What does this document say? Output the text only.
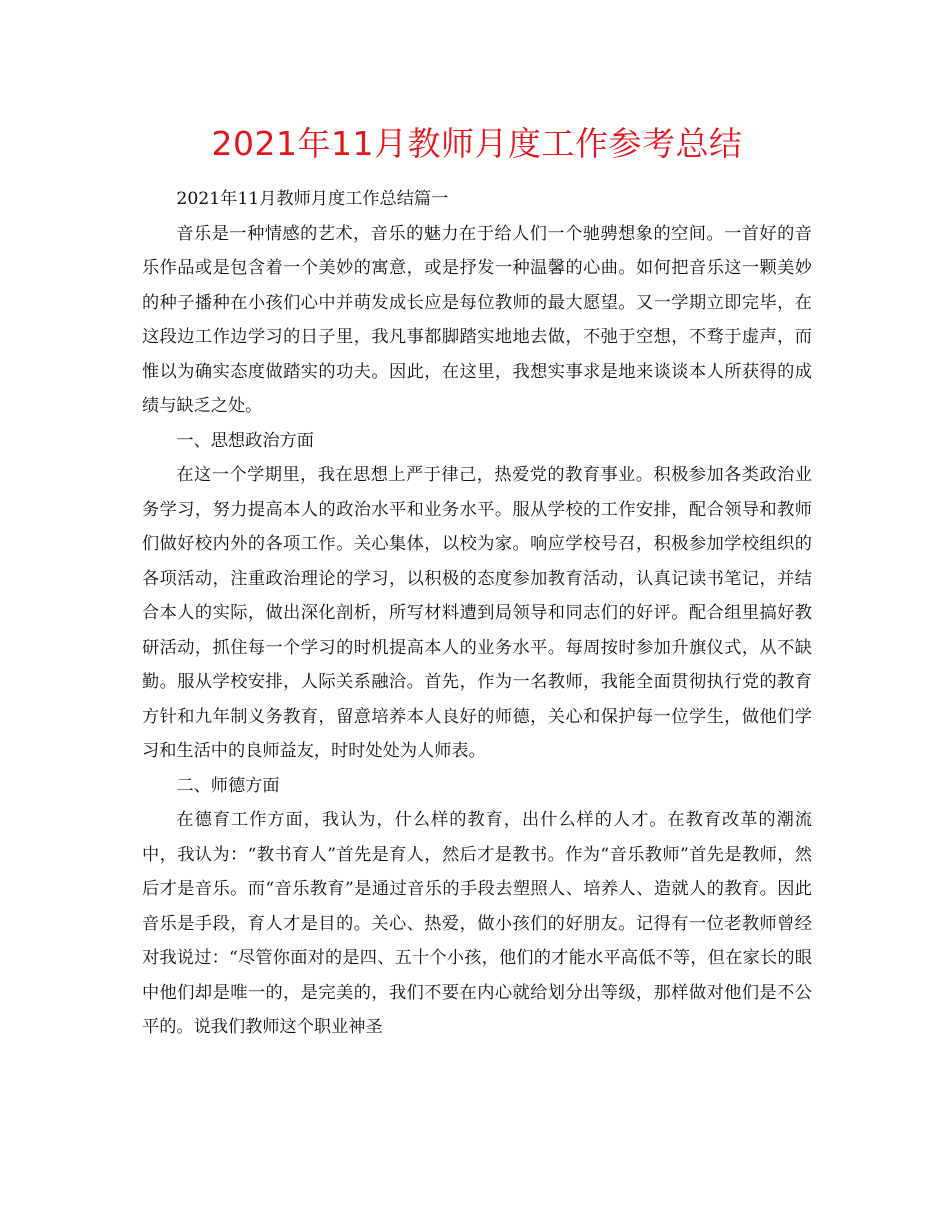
2021年11月教师月度工作参考总结

2021年11月教师月度工作总结篇一

音乐是一种情感的艺术，音乐的魅力在于给人们一个驰骋想象的空间。一首好的音乐作品或是包含着一个美妙的寓意，或是抒发一种温馨的心曲。如何把音乐这一颗美妙的种子播种在小孩们心中并萌发成长应是每位教师的最大愿望。又一学期立即完毕，在这段边工作边学习的日子里，我凡事都脚踏实地地去做，不弛于空想，不骛于虚声，而惟以为确实态度做踏实的功夫。因此，在这里，我想实事求是地来谈谈本人所获得的成绩与缺乏之处。

一、思想政治方面

在这一个学期里，我在思想上严于律己，热爱党的教育事业。积极参加各类政治业务学习，努力提高本人的政治水平和业务水平。服从学校的工作安排，配合领导和教师们做好校内外的各项工作。关心集体，以校为家。响应学校号召，积极参加学校组织的各项活动，注重政治理论的学习，以积极的态度参加教育活动，认真记读书笔记，并结合本人的实际，做出深化剖析，所写材料遭到局领导和同志们的好评。配合组里搞好教研活动，抓住每一个学习的时机提高本人的业务水平。每周按时参加升旗仪式，从不缺勤。服从学校安排，人际关系融洽。首先，作为一名教师，我能全面贯彻执行党的教育方针和九年制义务教育，留意培养本人良好的师德，关心和保护每一位学生，做他们学习和生活中的良师益友，时时处处为人师表。

二、师德方面

在德育工作方面，我认为，什么样的教育，出什么样的人才。在教育改革的潮流中，我认为：“教书育人”首先是育人，然后才是教书。作为“音乐教师”首先是教师，然后才是音乐。而“音乐教育”是通过音乐的手段去塑照人、培养人、造就人的教育。因此音乐是手段，育人才是目的。关心、热爱，做小孩们的好朋友。记得有一位老教师曾经对我说过：“尽管你面对的是四、五十个小孩，他们的才能水平高低不等，但在家长的眼中他们却是唯一的，是完美的，我们不要在内心就给划分出等级，那样做对他们是不公平的。说我们教师这个职业神圣
